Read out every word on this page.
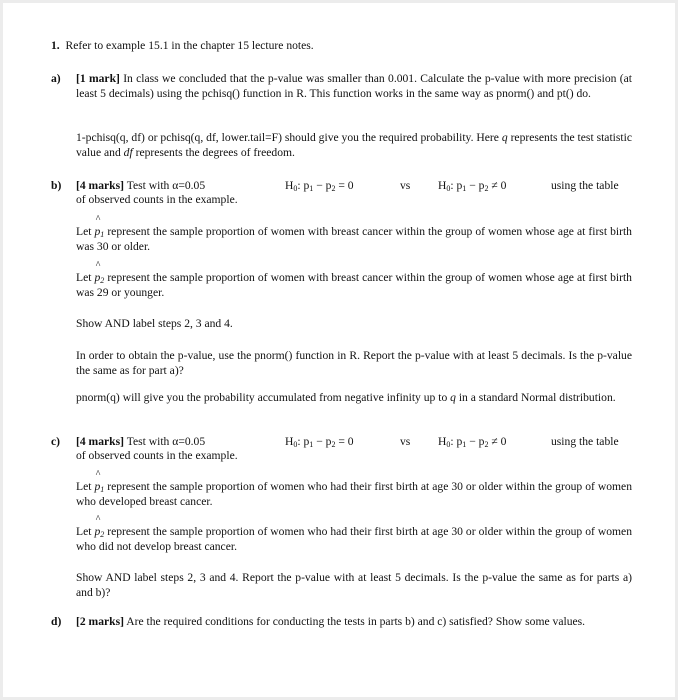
1. Refer to example 15.1 in the chapter 15 lecture notes.

a)	[1 mark] In class we concluded that the p-value was smaller than 0.001. Calculate the p-value with more precision (at least 5 decimals) using the pchisq() function in R. This function works in the same way as pnorm() and pt() do.

1-pchisq(q, df) or pchisq(q, df, lower.tail=F) should give you the required probability. Here q represents the test statistic value and df represents the degrees of freedom.

b)	[4 marks] Test with α=0.05	$H_0$: $p_1 - p_2 = 0$	vs $H_0$: $p_1 - p_2 \ne 0$	using the table

of observed counts in the example.

Let ^ $p_1$ represent the sample proportion of women with breast cancer within the group of women whose age at first birth was 30 or older.

Let ^ $p_2$ represent the sample proportion of women with breast cancer within the group of women whose age at first birth was 29 or younger.

Show AND label steps 2, 3 and 4.

In order to obtain the p-value, use the pnorm() function in R. Report the p-value with at least 5 decimals. Is the p-value the same as for part a)?

pnorm(q) will give you the probability accumulated from negative infinity up to q in a standard Normal distribution.

c)	[4 marks] Test with α=0.05	$H_0$: $p_1 - p_2 = 0$	vs $H_0$: $p_1 - p_2 \ne 0$	using the table

of observed counts in the example.

Let ^ $p_1$ represent the sample proportion of women who had their first birth at age 30 or older within the group of women who developed breast cancer.

Let ^ $p_2$ represent the sample proportion of women who had their first birth at age 30 or older within the group of women who did not develop breast cancer.

Show AND label steps 2, 3 and 4. Report the p-value with at least 5 decimals. Is the p-value the same as for parts a) and b)?

d)	[2 marks] Are the required conditions for conducting the tests in parts b) and c) satisfied? Show some values.
